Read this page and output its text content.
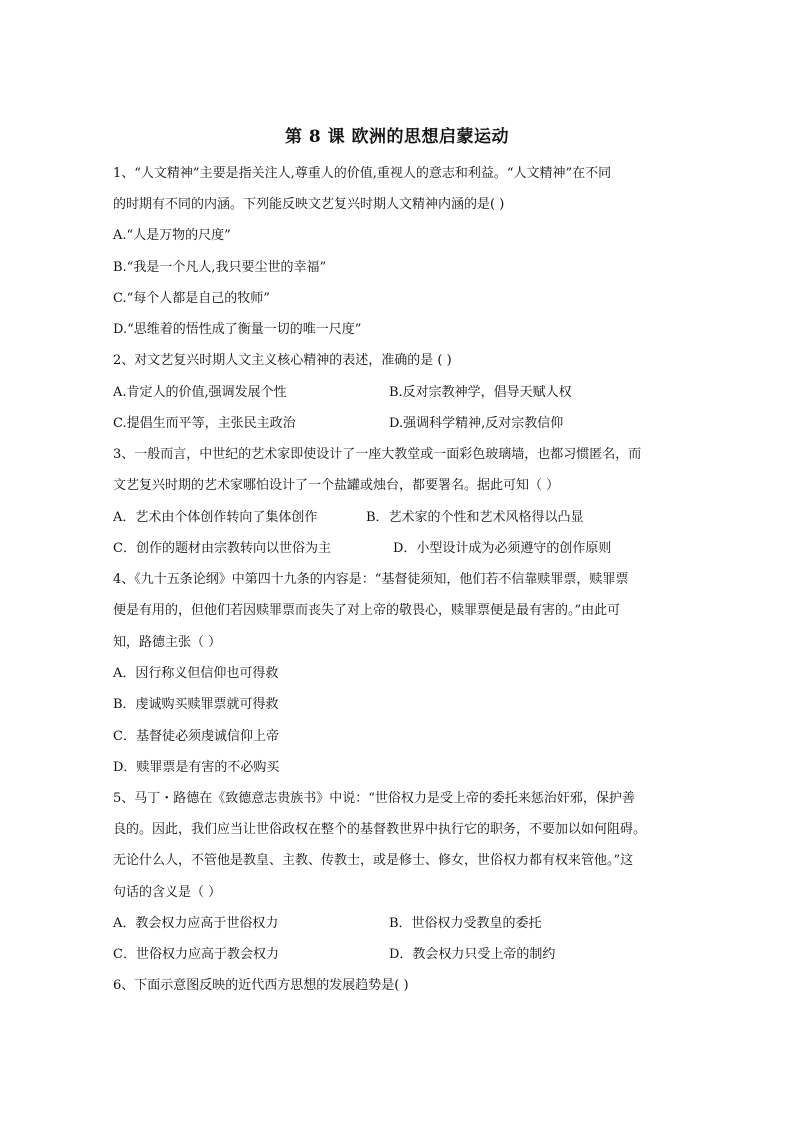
第 8 课 欧洲的思想启蒙运动
1、“人文精神”主要是指关注人,尊重人的价值,重视人的意志和利益。“人文精神”在不同
的时期有不同的内涵。下列能反映文艺复兴时期人文精神内涵的是( )
A.“人是万物的尺度”
B.“我是一个凡人,我只要尘世的幸福”
C.“每个人都是自己的牧师”
D.“思维着的悟性成了衡量一切的唯一尺度”
2、对文艺复兴时期人文主义核心精神的表述，准确的是 ( )
A.肯定人的价值,强调发展个性	B.反对宗教神学，倡导天赋人权
C.提倡生而平等，主张民主政治	D.强调科学精神,反对宗教信仰
3、一般而言，中世纪的艺术家即使设计了一座大教堂或一面彩色玻璃墙，也都习惯匿名，而
文艺复兴时期的艺术家哪怕设计了一个盐罐或烛台，都要署名。据此可知（ ）
A．艺术由个体创作转向了集体创作	B．艺术家的个性和艺术风格得以凸显
C．创作的题材由宗教转向以世俗为主	D．小型设计成为必须遵守的创作原则
4、《九十五条论纲》中第四十九条的内容是：“基督徒须知，他们若不信靠赎罪票，赎罪票
便是有用的，但他们若因赎罪票而丧失了对上帝的敬畏心，赎罪票便是最有害的。”由此可
知，路德主张（ ）
A．因行称义但信仰也可得救
B．虔诚购买赎罪票就可得救
C．基督徒必须虔诚信仰上帝
D．赎罪票是有害的不必购买
5、马丁・路德在《致德意志贵族书》中说：“世俗权力是受上帝的委托来惩治奸邪，保护善
良的。因此，我们应当让世俗政权在整个的基督教世界中执行它的职务，不要加以如何阻碍。
无论什么人，不管他是教皇、主教、传教士，或是修士、修女，世俗权力都有权来管他。”这
句话的含义是（ ）
A．教会权力应高于世俗权力	B．世俗权力受教皇的委托
C．世俗权力应高于教会权力	D．教会权力只受上帝的制约
6、下面示意图反映的近代西方思想的发展趋势是( )
